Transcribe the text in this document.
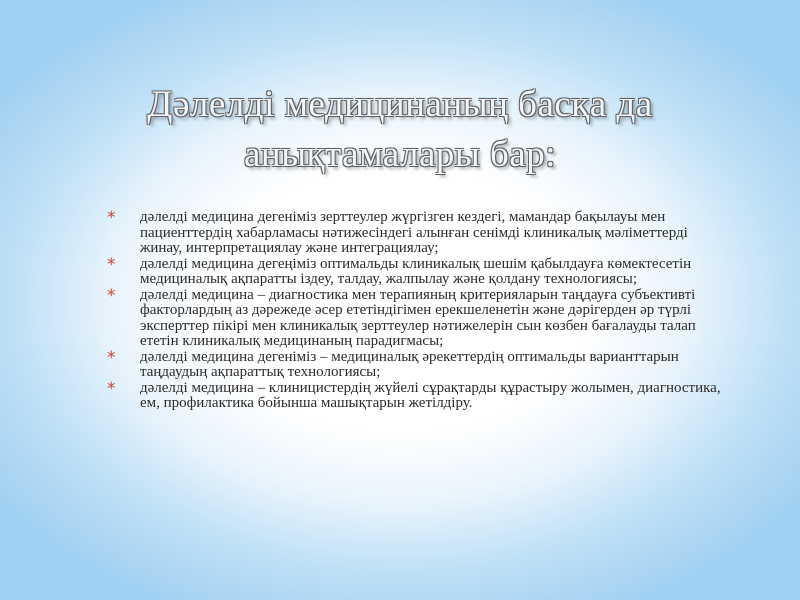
Дәлелді медицинаның басқа да
анықтамалары бар:
* дәлелді медицина дегеніміз зерттеулер жүргізген кездегі, мамандар бақылауы мен пациенттердің хабарламасы нәтижесіндегі алынған сенімді клиникалық мәліметтерді жинау, интерпретациялау және интеграциялау;
* дәлелді медицина дегеңіміз оптимальды клиникалық шешім қабылдауға көмектесетін медициналық ақпаратты іздеу, талдау, жалпылау және қолдану технологиясы;
* дәлелді медицина – диагностика мен терапияның критерияларын таңдауға субъективті факторлардың аз дәрежеде әсер ететіндігімен ерекшеленетін және дәрігерден әр түрлі эксперттер пікірі мен клиникалық зерттеулер нәтижелерін сын көзбен бағалауды талап ететін клиникалық медицинаның парадигмасы;
* дәлелді медицина дегеніміз – медициналық әрекеттердің оптимальды варианттарын таңдаудың ақпараттық технологиясы;
* дәлелді медицина – клиницистердің жүйелі сұрақтарды құрастыру жолымен, диагностика, ем, профилактика бойынша машықтарын жетілдіру.
